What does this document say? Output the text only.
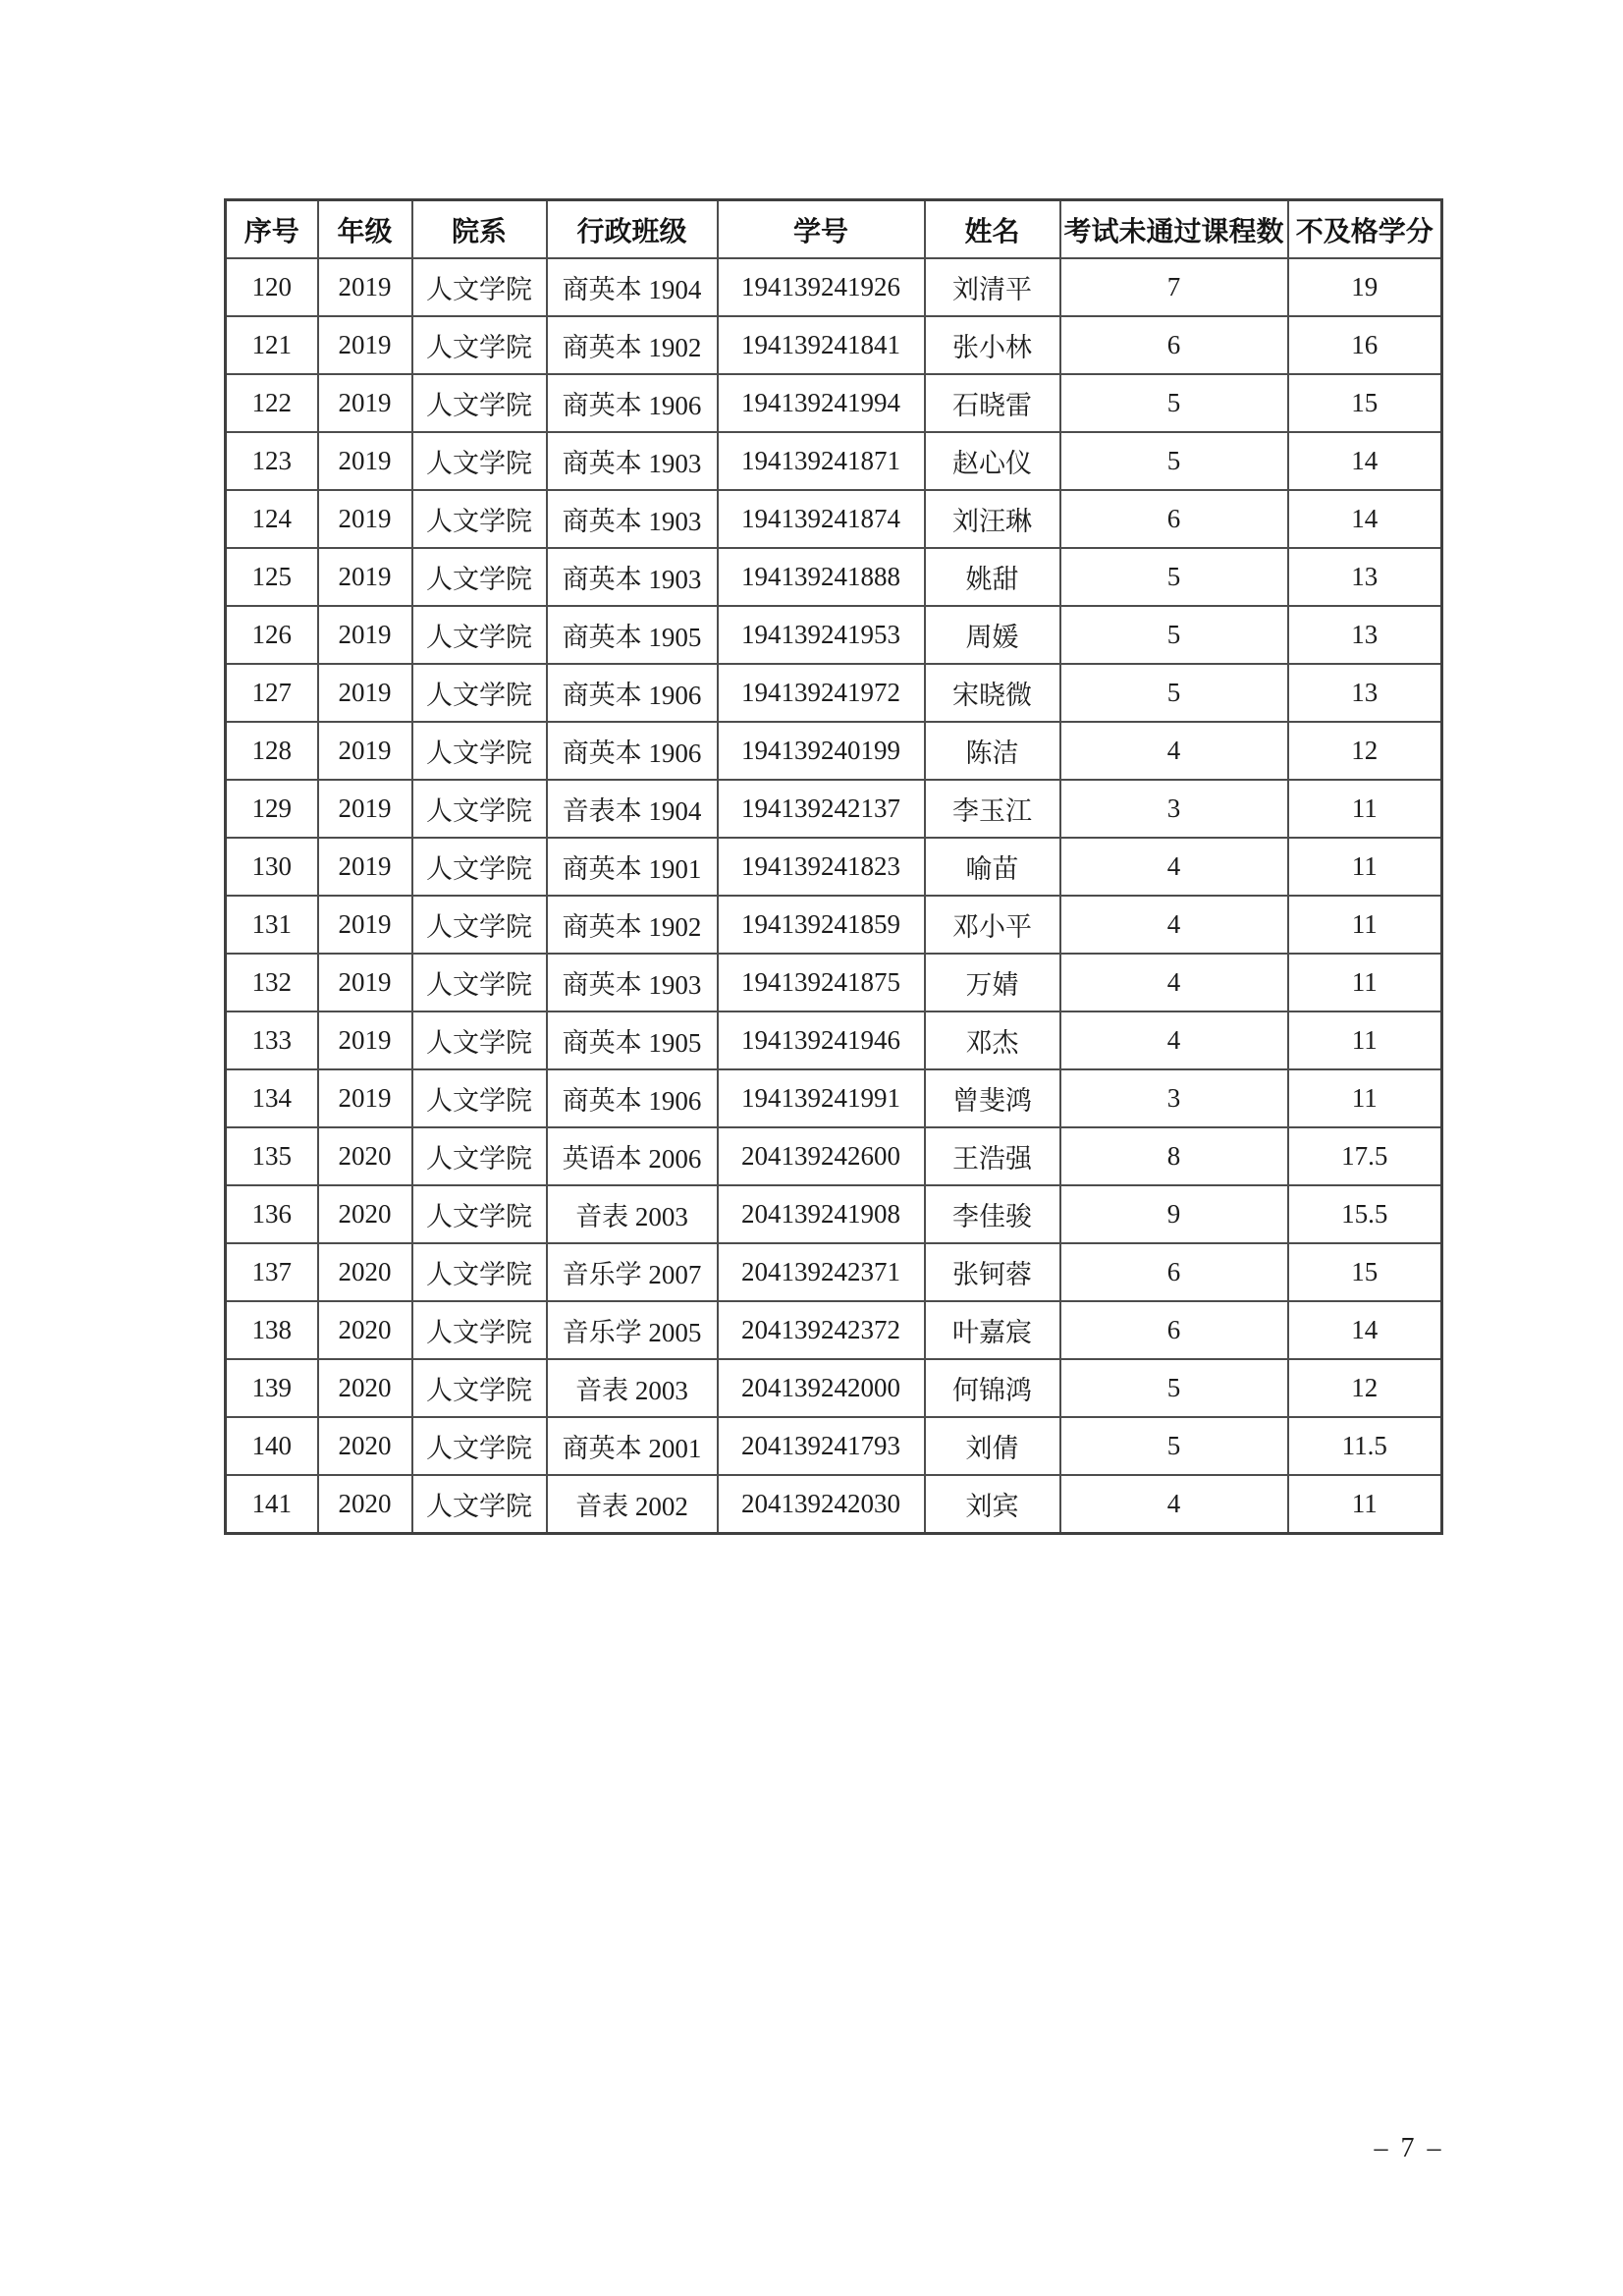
序号	年级	院系	行政班级	学号	姓名	考试未通过课程数	不及格学分
120	2019	人文学院	商英本 1904	194139241926	刘清平	7	19
121	2019	人文学院	商英本 1902	194139241841	张小林	6	16
122	2019	人文学院	商英本 1906	194139241994	石晓雷	5	15
123	2019	人文学院	商英本 1903	194139241871	赵心仪	5	14
124	2019	人文学院	商英本 1903	194139241874	刘汪琳	6	14
125	2019	人文学院	商英本 1903	194139241888	姚甜	5	13
126	2019	人文学院	商英本 1905	194139241953	周媛	5	13
127	2019	人文学院	商英本 1906	194139241972	宋晓微	5	13
128	2019	人文学院	商英本 1906	194139240199	陈洁	4	12
129	2019	人文学院	音表本 1904	194139242137	李玉江	3	11
130	2019	人文学院	商英本 1901	194139241823	喻苗	4	11
131	2019	人文学院	商英本 1902	194139241859	邓小平	4	11
132	2019	人文学院	商英本 1903	194139241875	万婧	4	11
133	2019	人文学院	商英本 1905	194139241946	邓杰	4	11
134	2019	人文学院	商英本 1906	194139241991	曾斐鸿	3	11
135	2020	人文学院	英语本 2006	204139242600	王浩强	8	17.5
136	2020	人文学院	音表 2003	204139241908	李佳骏	9	15.5
137	2020	人文学院	音乐学 2007	204139242371	张钶蓉	6	15
138	2020	人文学院	音乐学 2005	204139242372	叶嘉宸	6	14
139	2020	人文学院	音表 2003	204139242000	何锦鸿	5	12
140	2020	人文学院	商英本 2001	204139241793	刘倩	5	11.5
141	2020	人文学院	音表 2002	204139242030	刘宾	4	11
– 7 –
